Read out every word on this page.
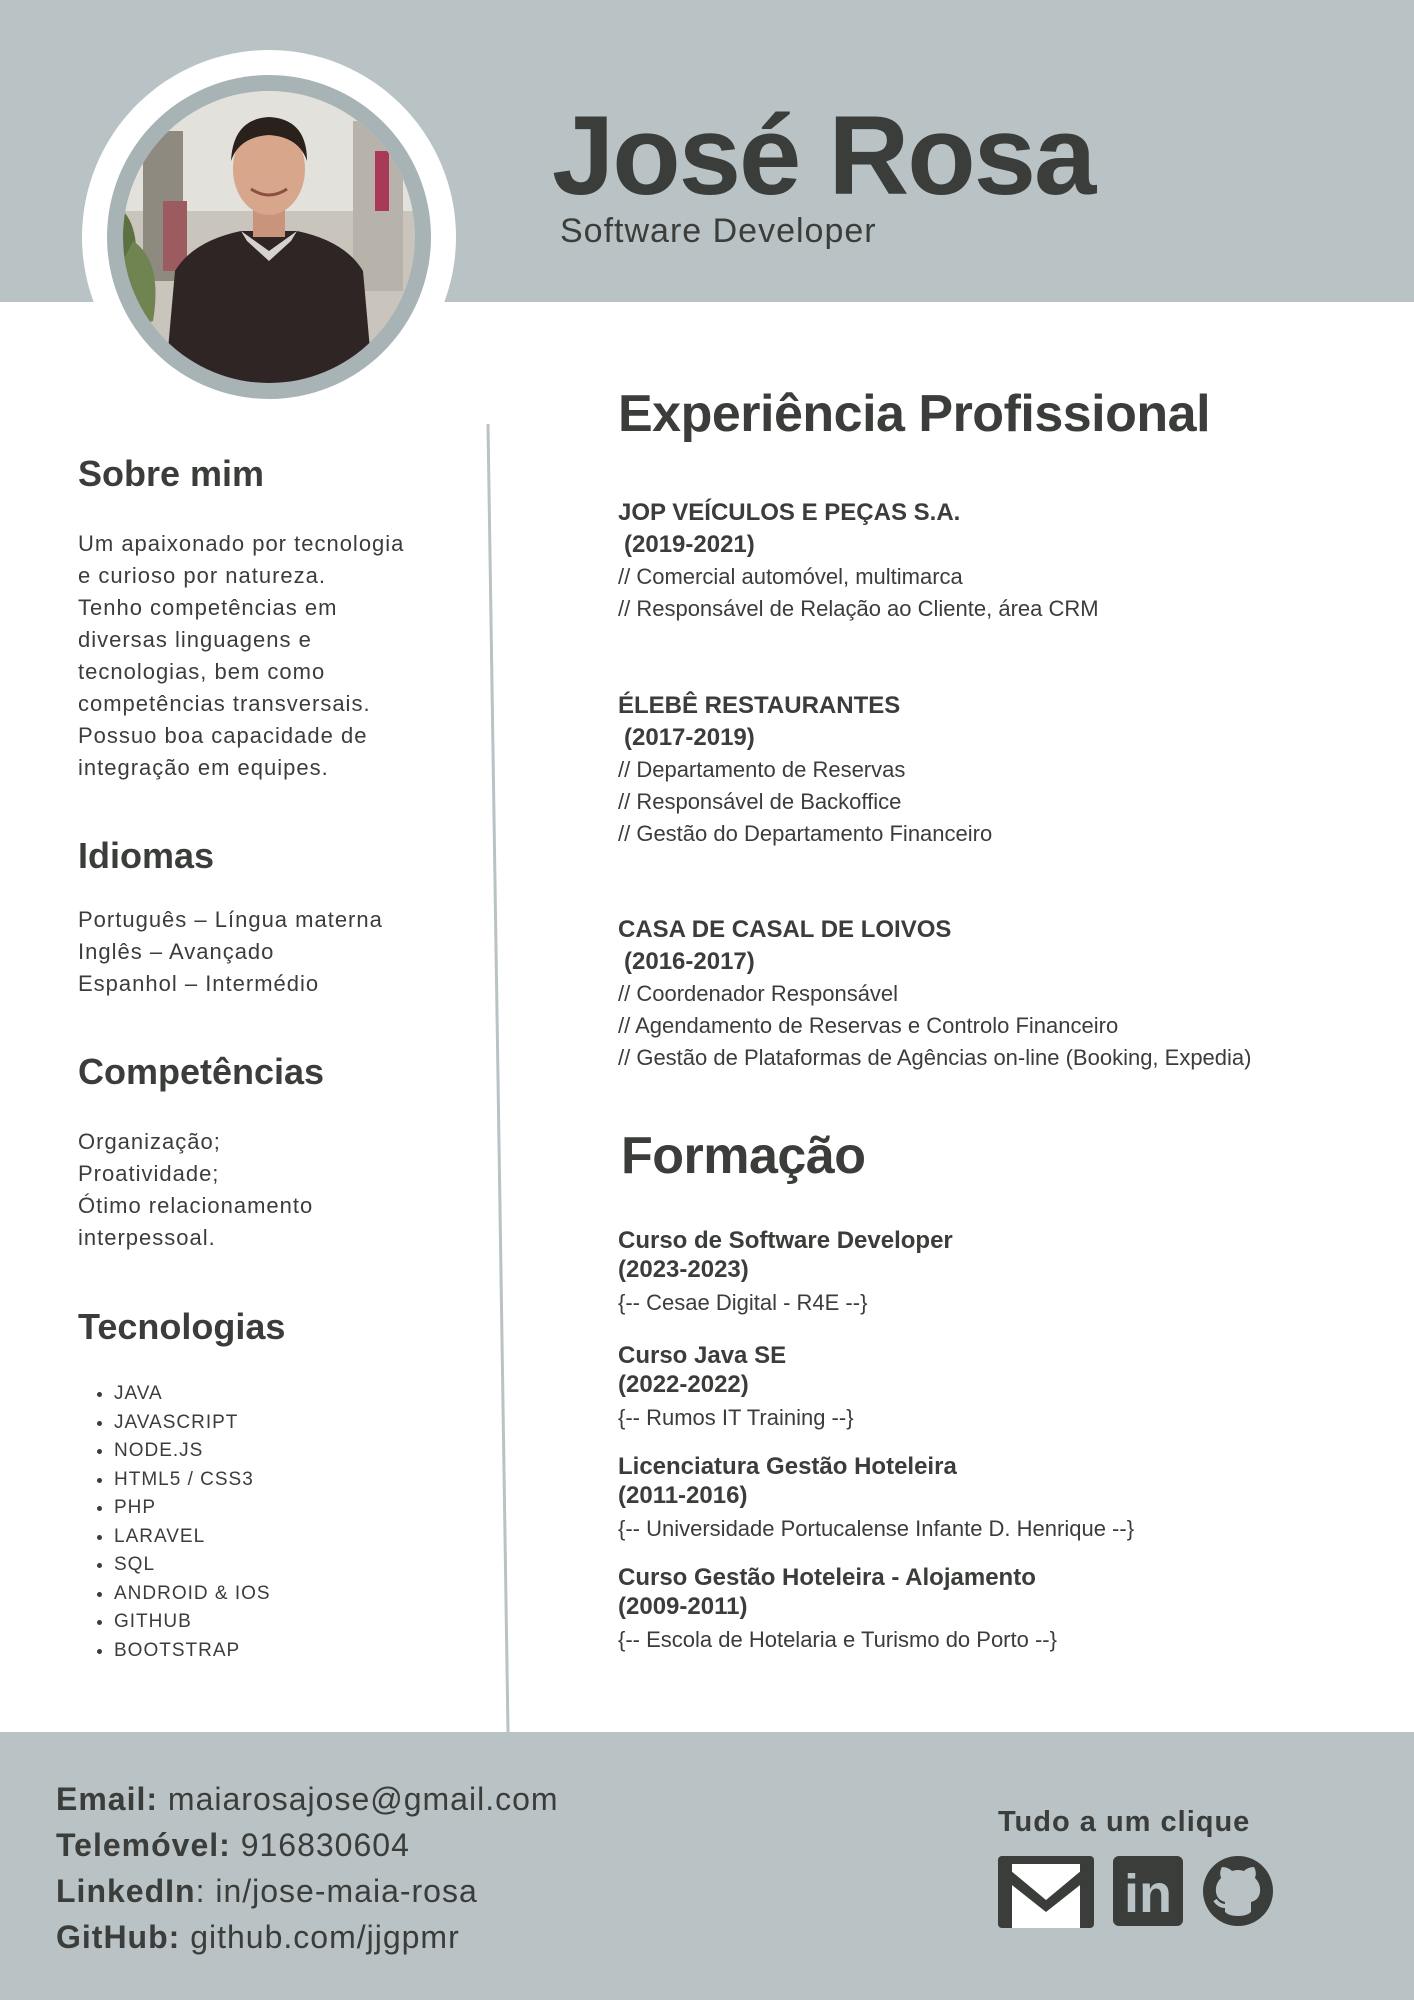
José Rosa
Software Developer
Sobre mim
Um apaixonado por tecnologia
e curioso por natureza.
Tenho competências em
diversas linguagens e
tecnologias, bem como
competências transversais.
Possuo boa capacidade de
integração em equipes.
Idiomas
Português – Língua materna
Inglês – Avançado
Espanhol – Intermédio
Competências
Organização;
Proatividade;
Ótimo relacionamento
interpessoal.
Tecnologias
• JAVA
• JAVASCRIPT
• NODE.JS
• HTML5 / CSS3
• PHP
• LARAVEL
• SQL
• ANDROID & IOS
• GITHUB
• BOOTSTRAP
Experiência Profissional
JOP VEÍCULOS E PEÇAS S.A.
(2019-2021)
// Comercial automóvel, multimarca
// Responsável de Relação ao Cliente, área CRM
ÉLEBÊ RESTAURANTES
(2017-2019)
// Departamento de Reservas
// Responsável de Backoffice
// Gestão do Departamento Financeiro
CASA DE CASAL DE LOIVOS
(2016-2017)
// Coordenador Responsável
// Agendamento de Reservas e Controlo Financeiro
// Gestão de Plataformas de Agências on-line (Booking, Expedia)
Formação
Curso de Software Developer
(2023-2023)
{-- Cesae Digital - R4E --}
Curso Java SE
(2022-2022)
{-- Rumos IT Training --}
Licenciatura Gestão Hoteleira
(2011-2016)
{-- Universidade Portucalense Infante D. Henrique --}
Curso Gestão Hoteleira - Alojamento
(2009-2011)
{-- Escola de Hotelaria e Turismo do Porto --}
Email: maiarosajose@gmail.com
Telemóvel: 916830604
LinkedIn: in/jose-maia-rosa
GitHub: github.com/jjgpmr
Tudo a um clique
in
